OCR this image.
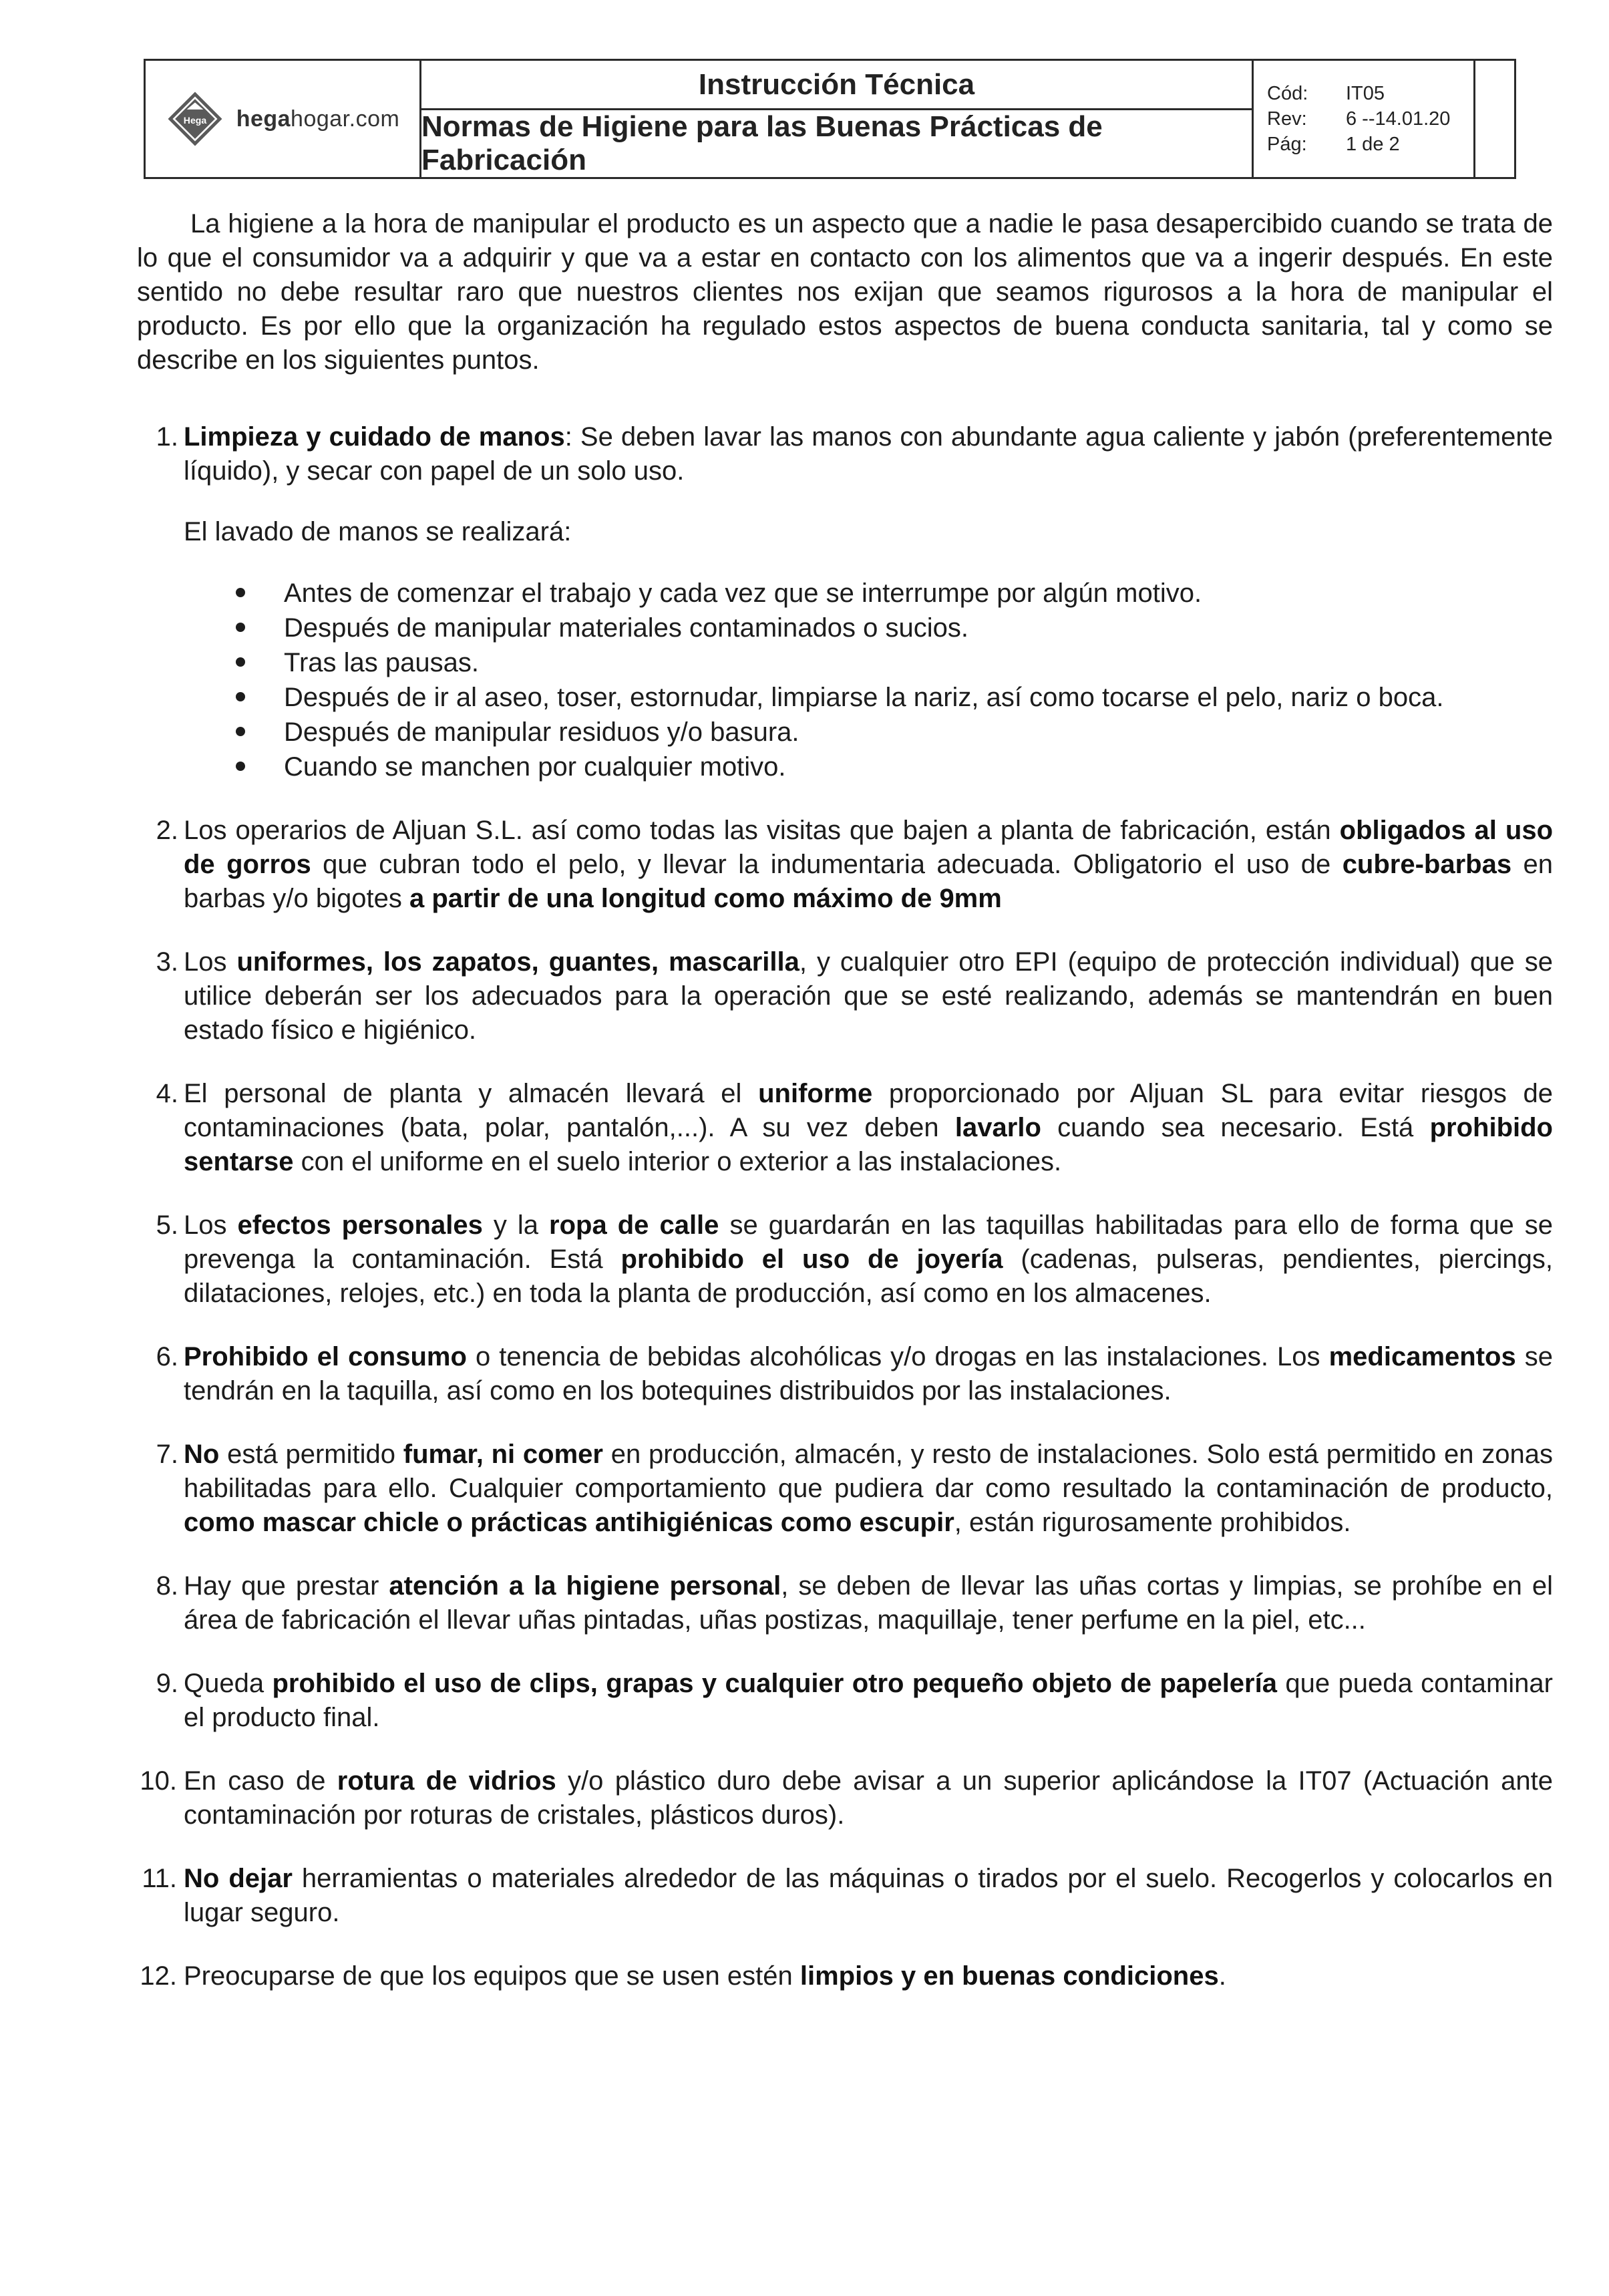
Hega hegahogar.com
Instrucción Técnica
Normas de Higiene para las Buenas Prácticas de Fabricación
Cód:	IT05
Rev:	6 --14.01.20
Pág:	1 de 2

La higiene a la hora de manipular el producto es un aspecto que a nadie le pasa desapercibido cuando se trata de lo que el consumidor va a adquirir y que va a estar en contacto con los alimentos que va a ingerir después. En este sentido no debe resultar raro que nuestros clientes nos exijan que seamos rigurosos a la hora de manipular el producto. Es por ello que la organización ha regulado estos aspectos de buena conducta sanitaria, tal y como se describe en los siguientes puntos.

1. Limpieza y cuidado de manos: Se deben lavar las manos con abundante agua caliente y jabón (preferentemente líquido), y secar con papel de un solo uso.
El lavado de manos se realizará:
Antes de comenzar el trabajo y cada vez que se interrumpe por algún motivo.
Después de manipular materiales contaminados o sucios.
Tras las pausas.
Después de ir al aseo, toser, estornudar, limpiarse la nariz, así como tocarse el pelo, nariz o boca.
Después de manipular residuos y/o basura.
Cuando se manchen por cualquier motivo.
2. Los operarios de Aljuan S.L. así como todas las visitas que bajen a planta de fabricación, están obligados al uso de gorros que cubran todo el pelo, y llevar la indumentaria adecuada. Obligatorio el uso de cubre-barbas en barbas y/o bigotes a partir de una longitud como máximo de 9mm
3. Los uniformes, los zapatos, guantes, mascarilla, y cualquier otro EPI (equipo de protección individual) que se utilice deberán ser los adecuados para la operación que se esté realizando, además se mantendrán en buen estado físico e higiénico.
4. El personal de planta y almacén llevará el uniforme proporcionado por Aljuan SL para evitar riesgos de contaminaciones (bata, polar, pantalón,...). A su vez deben lavarlo cuando sea necesario. Está prohibido sentarse con el uniforme en el suelo interior o exterior a las instalaciones.
5. Los efectos personales y la ropa de calle se guardarán en las taquillas habilitadas para ello de forma que se prevenga la contaminación. Está prohibido el uso de joyería (cadenas, pulseras, pendientes, piercings, dilataciones, relojes, etc.) en toda la planta de producción, así como en los almacenes.
6. Prohibido el consumo o tenencia de bebidas alcohólicas y/o drogas en las instalaciones. Los medicamentos se tendrán en la taquilla, así como en los botequines distribuidos por las instalaciones.
7. No está permitido fumar, ni comer en producción, almacén, y resto de instalaciones. Solo está permitido en zonas habilitadas para ello. Cualquier comportamiento que pudiera dar como resultado la contaminación de producto, como mascar chicle o prácticas antihigiénicas como escupir, están rigurosamente prohibidos.
8. Hay que prestar atención a la higiene personal, se deben de llevar las uñas cortas y limpias, se prohíbe en el área de fabricación el llevar uñas pintadas, uñas postizas, maquillaje, tener perfume en la piel, etc...
9. Queda prohibido el uso de clips, grapas y cualquier otro pequeño objeto de papelería que pueda contaminar el producto final.
10. En caso de rotura de vidrios y/o plástico duro debe avisar a un superior aplicándose la IT07 (Actuación ante contaminación por roturas de cristales, plásticos duros).
11. No dejar herramientas o materiales alrededor de las máquinas o tirados por el suelo. Recogerlos y colocarlos en lugar seguro.
12. Preocuparse de que los equipos que se usen estén limpios y en buenas condiciones.
